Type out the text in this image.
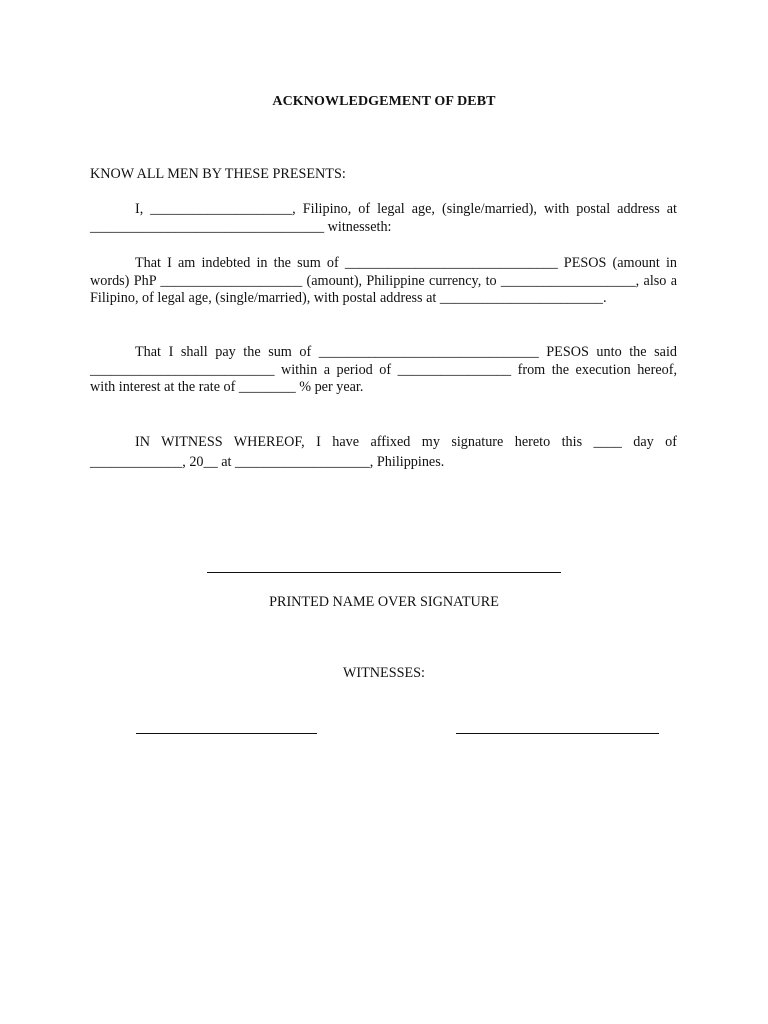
ACKNOWLEDGEMENT OF DEBT
KNOW ALL MEN BY THESE PRESENTS:

I, ____________________, Filipino, of legal age, (single/married), with postal address at _________________________________ witnesseth:

That I am indebted in the sum of ______________________________ PESOS (amount in words) PhP ____________________ (amount), Philippine currency, to ___________________, also a Filipino, of legal age, (single/married), with postal address at _______________________.

That I shall pay the sum of _______________________________ PESOS unto the said __________________________ within a period of ________________ from the execution hereof, with interest at the rate of ________ % per year.

IN WITNESS WHEREOF, I have affixed my signature hereto this ____ day of _____________, 20__ at ___________________, Philippines.

PRINTED NAME OVER SIGNATURE
WITNESSES:
